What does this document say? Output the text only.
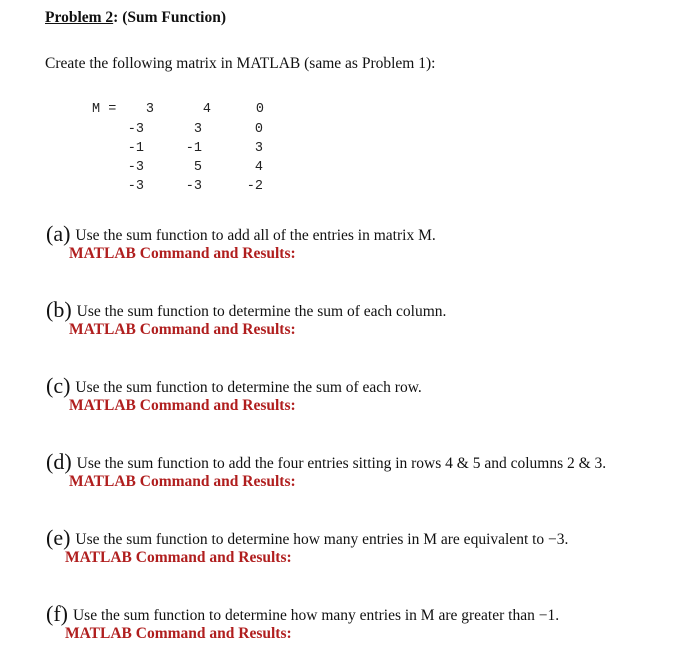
Problem 2: (Sum Function)
Create the following matrix in MATLAB (same as Problem 1):
M =	3	4	0
-3	3	0
-1	-1	3
-3	5	4
-3	-3	-2
(a) Use the sum function to add all of the entries in matrix M.
MATLAB Command and Results:
(b) Use the sum function to determine the sum of each column.
MATLAB Command and Results:
(c) Use the sum function to determine the sum of each row.
MATLAB Command and Results:
(d) Use the sum function to add the four entries sitting in rows 4 & 5 and columns 2 & 3.
MATLAB Command and Results:
(e) Use the sum function to determine how many entries in M are equivalent to −3.
MATLAB Command and Results:
(f) Use the sum function to determine how many entries in M are greater than −1.
MATLAB Command and Results:
